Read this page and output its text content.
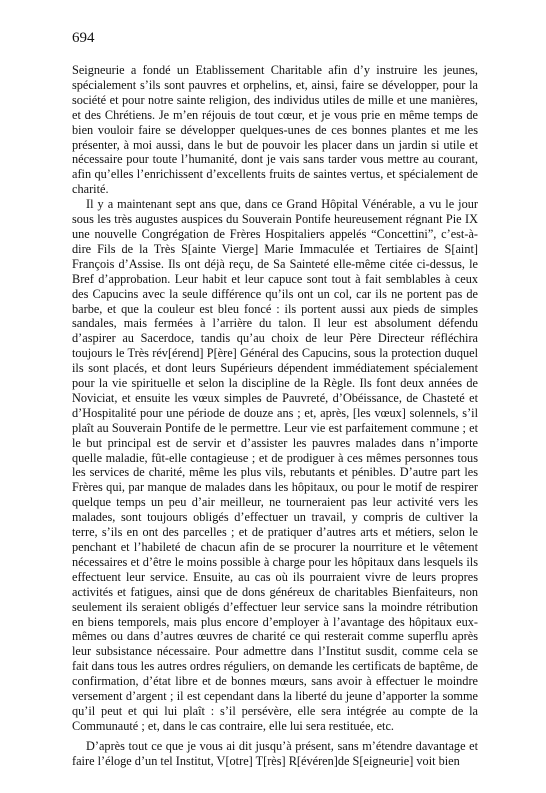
694

Seigneurie a fondé un Etablissement Charitable afin d’y instruire les jeunes, spécialement s’ils sont pauvres et orphelins, et, ainsi, faire se développer, pour la société et pour notre sainte religion, des individus utiles de mille et une manières, et des Chrétiens. Je m’en réjouis de tout cœur, et je vous prie en même temps de bien vouloir faire se développer quelques-unes de ces bonnes plantes et me les présenter, à moi aussi, dans le but de pouvoir les placer dans un jardin si utile et nécessaire pour toute l’humanité, dont je vais sans tarder vous mettre au courant, afin qu’elles l’enrichissent d’excellents fruits de saintes vertus, et spécialement de charité.

Il y a maintenant sept ans que, dans ce Grand Hôpital Vénérable, a vu le jour sous les très augustes auspices du Souverain Pontife heureusement régnant Pie IX une nouvelle Congrégation de Frères Hospitaliers appelés “Concettini”, c’est-à-dire Fils de la Très S[ainte Vierge] Marie Immaculée et Tertiaires de S[aint] François d’Assise. Ils ont déjà reçu, de Sa Sainteté elle-même citée ci-dessus, le Bref d’approbation. Leur habit et leur capuce sont tout à fait semblables à ceux des Capucins avec la seule différence qu’ils ont un col, car ils ne portent pas de barbe, et que la couleur est bleu foncé : ils portent aussi aux pieds de simples sandales, mais fermées à l’arrière du talon. Il leur est absolument défendu d’aspirer au Sacerdoce, tandis qu’au choix de leur Père Directeur réfléchira toujours le Très rév[érend] P[ère] Général des Capucins, sous la protection duquel ils sont placés, et dont leurs Supérieurs dépendent immédiatement spécialement pour la vie spirituelle et selon la discipline de la Règle. Ils font deux années de Noviciat, et ensuite les vœux simples de Pauvreté, d’Obéissance, de Chasteté et d’Hospitalité pour une période de douze ans ; et, après, [les vœux] solennels, s’il plaît au Souverain Pontife de le permettre. Leur vie est parfaitement commune ; et le but principal est de servir et d’assister les pauvres malades dans n’importe quelle maladie, fût-elle contagieuse ; et de prodiguer à ces mêmes personnes tous les services de charité, même les plus vils, rebutants et pénibles. D’autre part les Frères qui, par manque de malades dans les hôpitaux, ou pour le motif de respirer quelque temps un peu d’air meilleur, ne tourneraient pas leur activité vers les malades, sont toujours obligés d’effectuer un travail, y compris de cultiver la terre, s’ils en ont des parcelles ; et de pratiquer d’autres arts et métiers, selon le penchant et l’habileté de chacun afin de se procurer la nourriture et le vêtement nécessaires et d’être le moins possible à charge pour les hôpitaux dans lesquels ils effectuent leur service. Ensuite, au cas où ils pourraient vivre de leurs propres activités et fatigues, ainsi que de dons généreux de charitables Bienfaiteurs, non seulement ils seraient obligés d’effectuer leur service sans la moindre rétribution en biens temporels, mais plus encore d’employer à l’avantage des hôpitaux eux-mêmes ou dans d’autres œuvres de charité ce qui resterait comme superflu après leur subsistance nécessaire. Pour admettre dans l’Institut susdit, comme cela se fait dans tous les autres ordres réguliers, on demande les certificats de baptême, de confirmation, d’état libre et de bonnes mœurs, sans avoir à effectuer le moindre versement d’argent ; il est cependant dans la liberté du jeune d’apporter la somme qu’il peut et qui lui plaît : s’il persévère, elle sera intégrée au compte de la Communauté ; et, dans le cas contraire, elle lui sera restituée, etc.

D’après tout ce que je vous ai dit jusqu’à présent, sans m’étendre davantage et faire l’éloge d’un tel Institut, V[otre] T[rès] R[évéren]de S[eigneurie] voit bien
